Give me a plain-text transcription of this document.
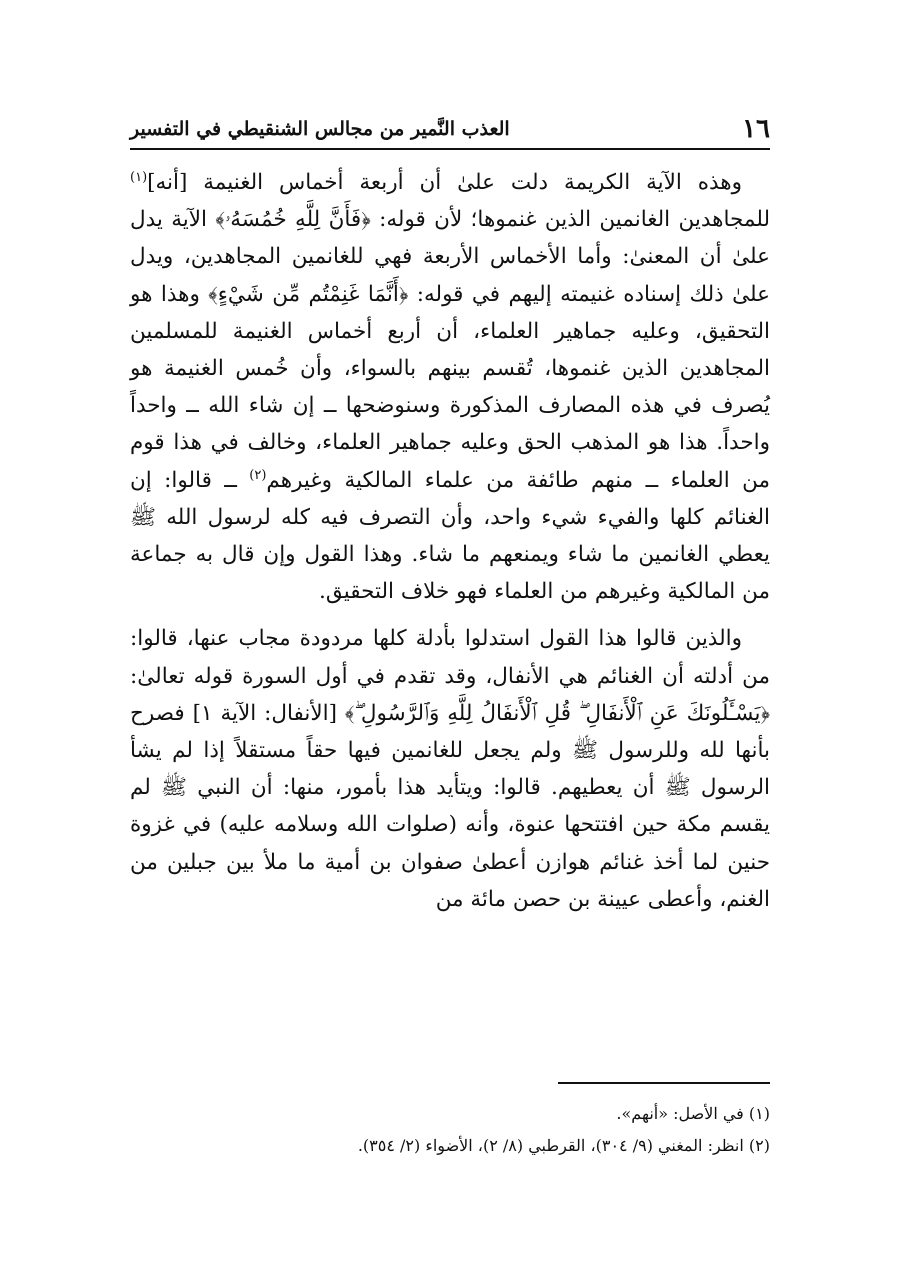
١٦
العذب النَّمير من مجالس الشنقيطي في التفسير

وهذه الآية الكريمة دلت علىٰ أن أربعة أخماس الغنيمة [أنه]$^{(١)}$ للمجاهدين الغانمين الذين غنموها؛ لأن قوله: ﴿فَأَنَّ لِلَّهِ خُمُسَهُۥ﴾ الآية يدل علىٰ أن المعنىٰ: وأما الأخماس الأربعة فهي للغانمين المجاهدين، ويدل علىٰ ذلك إسناده غنيمته إليهم في قوله: ﴿أَنَّمَا غَنِمْتُم مِّن شَيْءٍ﴾ وهذا هو التحقيق، وعليه جماهير العلماء، أن أربع أخماس الغنيمة للمسلمين المجاهدين الذين غنموها، تُقسم بينهم بالسواء، وأن خُمس الغنيمة هو يُصرف في هذه المصارف المذكورة وسنوضحها ــ إن شاء الله ــ واحداً واحداً. هذا هو المذهب الحق وعليه جماهير العلماء، وخالف في هذا قوم من العلماء ــ منهم طائفة من علماء المالكية وغيرهم$^{(٢)}$ ــ قالوا: إن الغنائم كلها والفيء شيء واحد، وأن التصرف فيه كله لرسول الله ﷺ يعطي الغانمين ما شاء ويمنعهم ما شاء. وهذا القول وإن قال به جماعة من المالكية وغيرهم من العلماء فهو خلاف التحقيق.

والذين قالوا هذا القول استدلوا بأدلة كلها مردودة مجاب عنها، قالوا: من أدلته أن الغنائم هي الأنفال، وقد تقدم في أول السورة قوله تعالىٰ: ﴿يَسْـَٔلُونَكَ عَنِ ٱلْأَنفَالِ ۖ قُلِ ٱلْأَنفَالُ لِلَّهِ وَٱلرَّسُولِ ۖ﴾ [الأنفال: الآية ١] فصرح بأنها لله وللرسول ﷺ ولم يجعل للغانمين فيها حقاً مستقلاً إذا لم يشأ الرسول ﷺ أن يعطيهم. قالوا: ويتأيد هذا بأمور، منها: أن النبي ﷺ لم يقسم مكة حين افتتحها عنوة، وأنه (صلوات الله وسلامه عليه) في غزوة حنين لما أخذ غنائم هوازن أعطىٰ صفوان بن أمية ما ملأ بين جبلين من الغنم، وأعطى عيينة بن حصن مائة من

(١) في الأصل: «أنهم».

(٢) انظر: المغني (٩/ ٣٠٤)، القرطبي (٨/ ٢)، الأضواء (٢/ ٣٥٤).
